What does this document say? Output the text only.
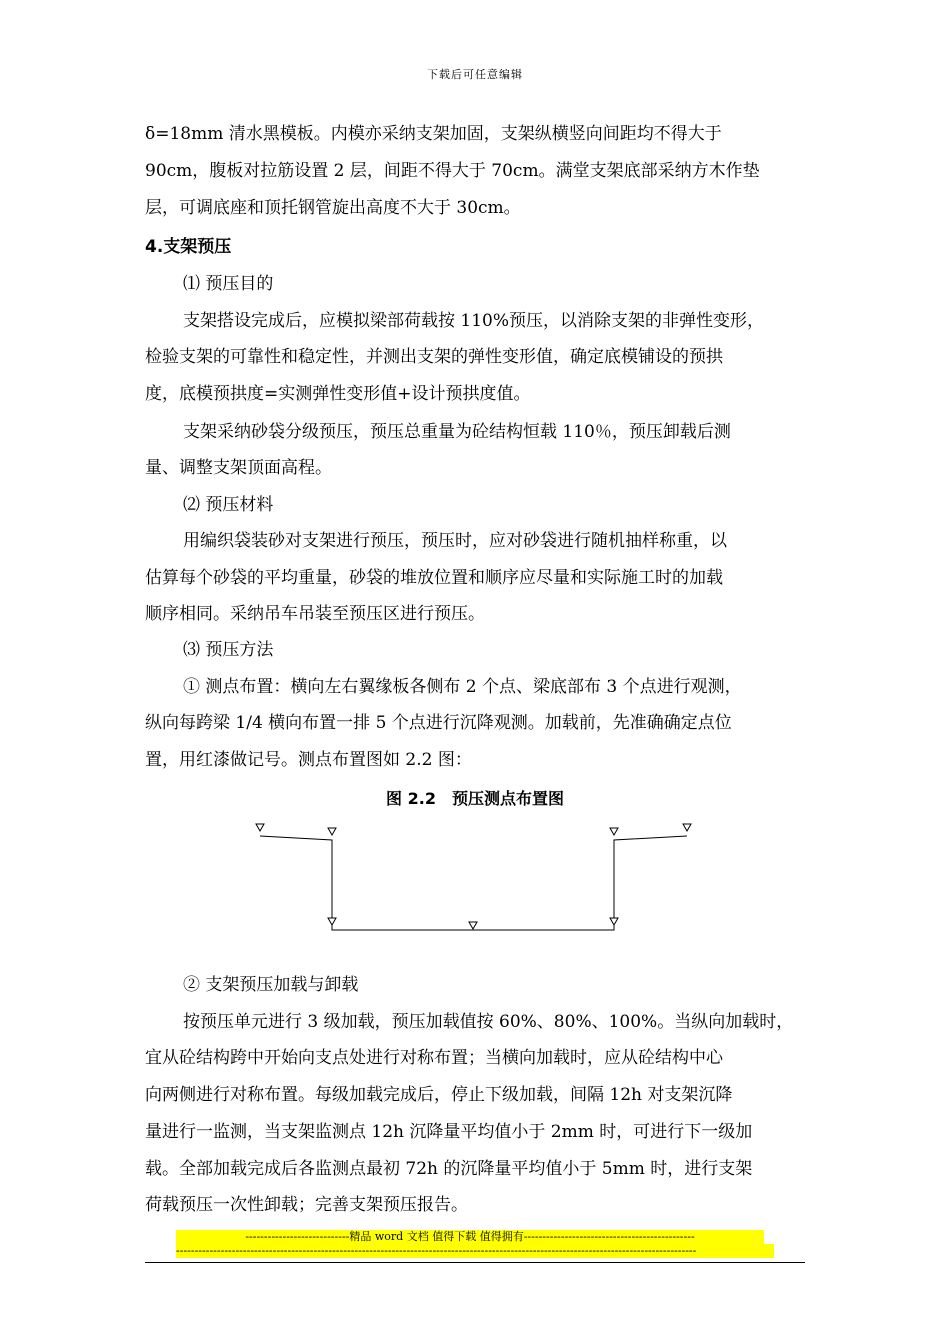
下载后可任意编辑
δ=18mm 清水黑模板。内模亦采纳支架加固，支架纵横竖向间距均不得大于
90cm，腹板对拉筋设置 2 层，间距不得大于 70cm。满堂支架底部采纳方木作垫
层，可调底座和顶托钢管旋出高度不大于 30cm。
4.支架预压
⑴ 预压目的
支架搭设完成后，应模拟梁部荷载按 110%预压，以消除支架的非弹性变形，
检验支架的可靠性和稳定性，并测出支架的弹性变形值，确定底模铺设的预拱
度，底模预拱度=实测弹性变形值+设计预拱度值。
支架采纳砂袋分级预压，预压总重量为砼结构恒载 110％，预压卸载后测
量、调整支架顶面高程。
⑵ 预压材料
用编织袋装砂对支架进行预压，预压时，应对砂袋进行随机抽样称重，以
估算每个砂袋的平均重量，砂袋的堆放位置和顺序应尽量和实际施工时的加载
顺序相同。采纳吊车吊装至预压区进行预压。
⑶ 预压方法
① 测点布置：横向左右翼缘板各侧布 2 个点、梁底部布 3 个点进行观测，
纵向每跨梁 1/4 横向布置一排 5 个点进行沉降观测。加载前，先准确确定点位
置，用红漆做记号。测点布置图如 2.2 图：
图 2.2　预压测点布置图
② 支架预压加载与卸载
按预压单元进行 3 级加载，预压加载值按 60%、80%、100%。当纵向加载时，
宜从砼结构跨中开始向支点处进行对称布置；当横向加载时，应从砼结构中心
向两侧进行对称布置。每级加载完成后，停止下级加载，间隔 12h 对支架沉降
量进行一监测，当支架监测点 12h 沉降量平均值小于 2mm 时，可进行下一级加
载。全部加载完成后各监测点最初 72h 的沉降量平均值小于 5mm 时，进行支架
荷载预压一次性卸载；完善支架预压报告。
----------------------------精品 word 文档 值得下载 值得拥有----------------------------------------------
--------------------------------------------------------------------------------------------------------------------------------------------
